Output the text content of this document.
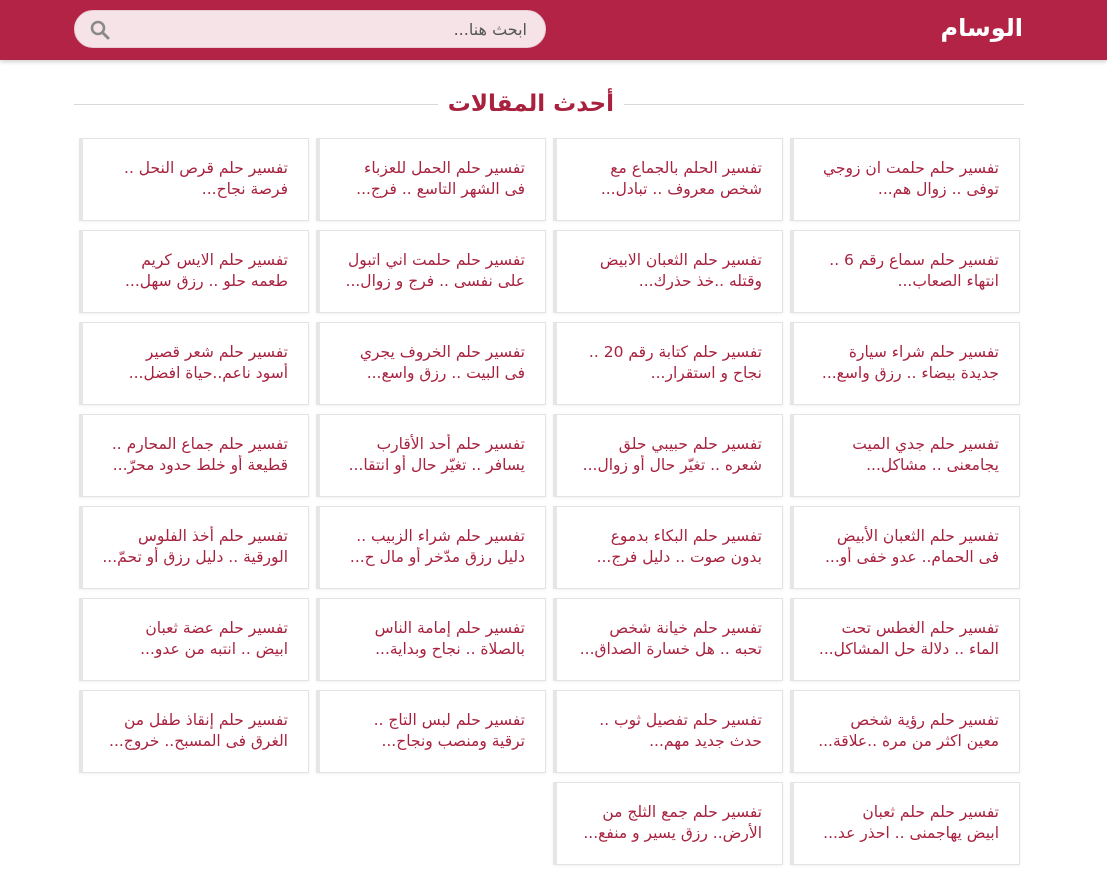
الوسام
ابحث هنا...
أحدث المقالات
تفسير حلم حلمت ان زوجي
توفى .. زوال هم...
تفسير الحلم بالجماع مع
شخص معروف .. تبادل...
تفسير حلم الحمل للعزباء
فى الشهر التاسع .. فرج...
تفسير حلم قرص النحل ..
فرصة نجاح...
تفسير حلم سماع رقم 6 ..
انتهاء الصعاب...
تفسير حلم الثعبان الابيض
وقتله ..خذ حذرك...
تفسير حلم حلمت اني اتبول
على نفسى .. فرج و زوال...
تفسير حلم الايس كريم
طعمه حلو .. رزق سهل...
تفسير حلم شراء سيارة
جديدة بيضاء .. رزق واسع...
تفسير حلم كتابة رقم 20 ..
نجاح و استقرار...
تفسير حلم الخروف يجري
فى البيت .. رزق واسع...
تفسير حلم شعر قصير
أسود ناعم..حياة افضل...
تفسير حلم جدي الميت
يجامعنى .. مشاكل...
تفسير حلم حبيبي حلق
شعره .. تغيّر حال أو زوال...
تفسير حلم أحد الأقارب
يسافر .. تغيّر حال أو انتقا...
تفسير حلم جماع المحارم ..
قطيعة أو خلط حدود محرّ...
تفسير حلم الثعبان الأبيض
فى الحمام.. عدو خفى أو...
تفسير حلم البكاء بدموع
بدون صوت .. دليل فرج...
تفسير حلم شراء الزبيب ..
دليل رزق مدّخر أو مال ح...
تفسير حلم أخذ الفلوس
الورقية .. دليل رزق أو تحمّ...
تفسير حلم الغطس تحت
الماء .. دلالة حل المشاكل...
تفسير حلم خيانة شخص
تحبه .. هل خسارة الصداق...
تفسير حلم إمامة الناس
بالصلاة .. نجاح وبداية...
تفسير حلم عضة ثعبان
ابيض .. انتبه من عدو...
تفسير حلم رؤية شخص
معين اكثر من مره ..علاقة...
تفسير حلم تفصيل ثوب ..
حدث جديد مهم...
تفسير حلم لبس التاج ..
ترقية ومنصب ونجاح...
تفسير حلم إنقاذ طفل من
الغرق فى المسبح.. خروج...
تفسير حلم حلم ثعبان
ابيض يهاجمنى .. احذر عد...
تفسير حلم جمع الثلج من
الأرض.. رزق يسير و منفع...
